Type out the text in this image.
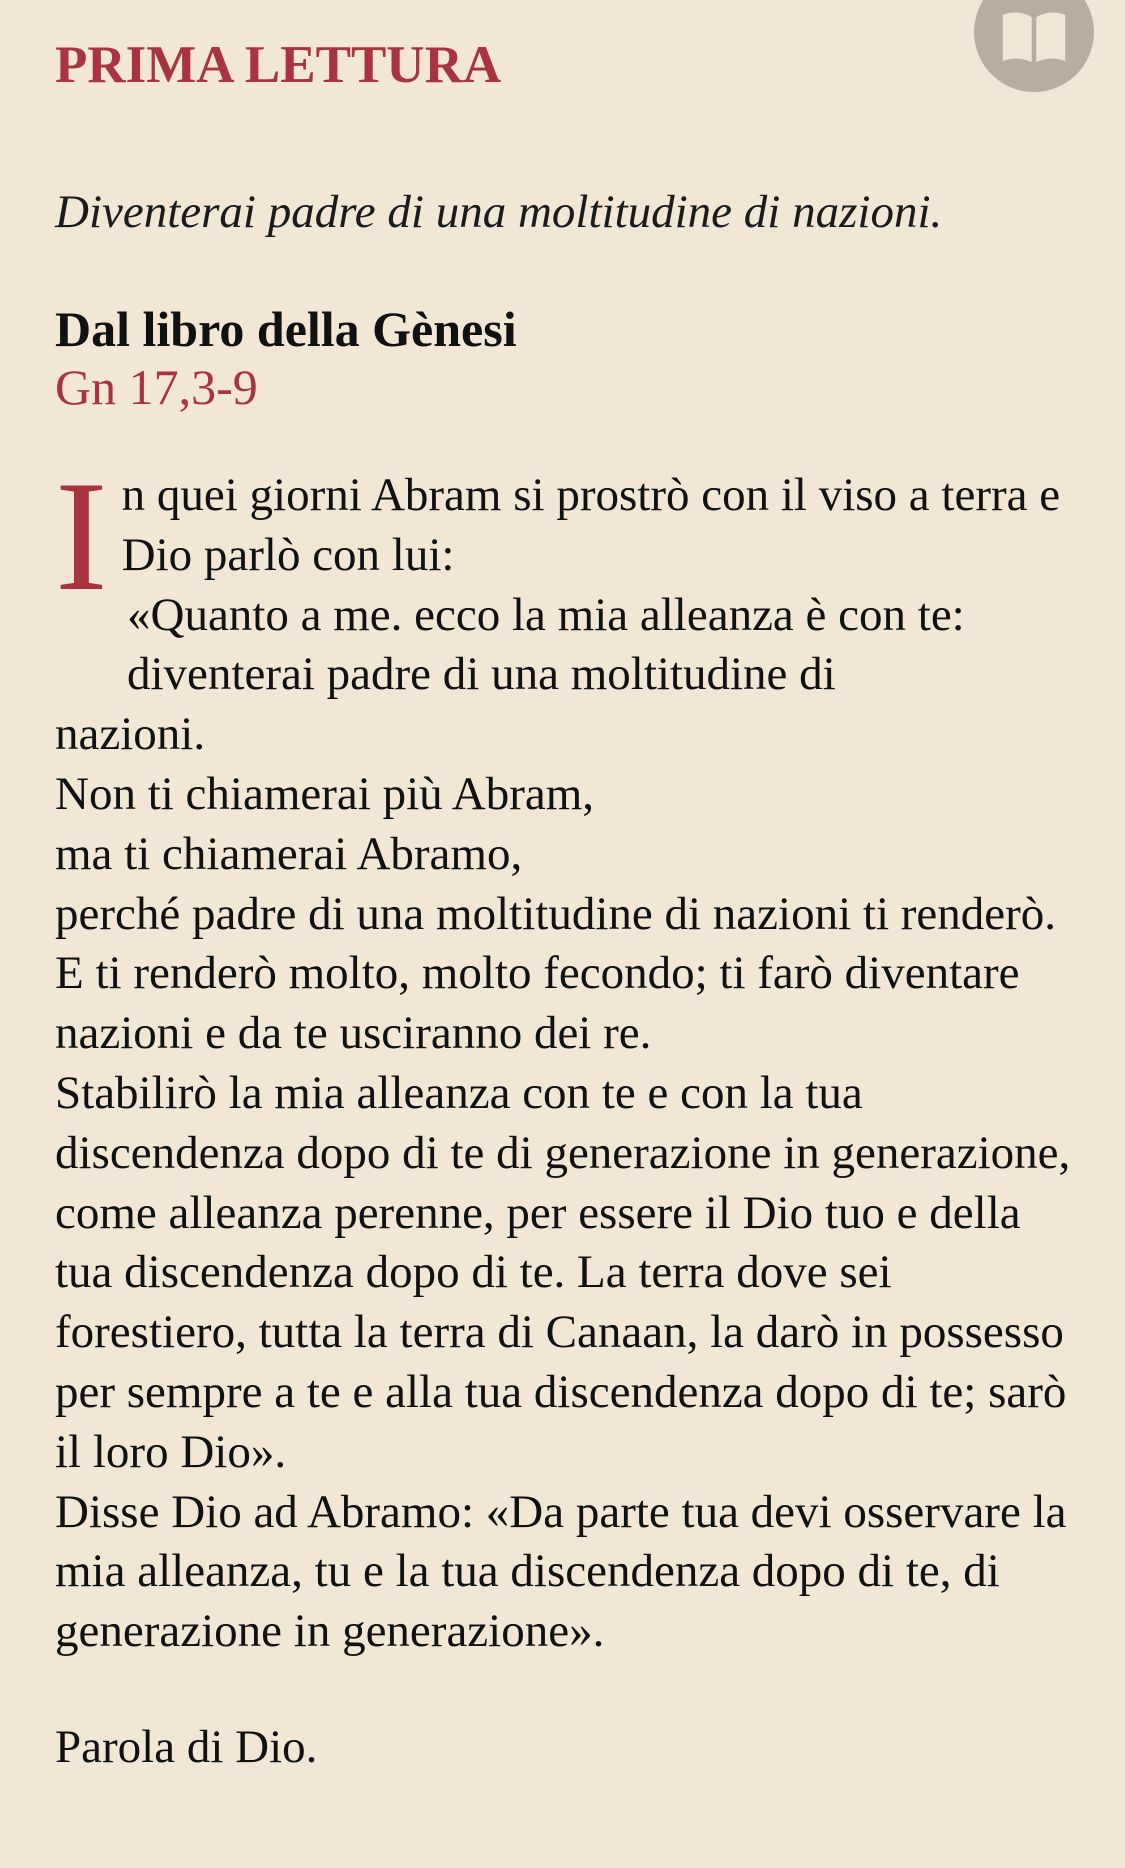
PRIMA LETTURA

Diventerai padre di una moltitudine di nazioni.

Dal libro della Gènesi

Gn 17,3-9

I n quei giorni Abram si prostrò con il viso a terra e Dio parlò con lui:

«Quanto a me. ecco la mia alleanza è con te: diventerai padre di una moltitudine di

nazioni.

Non ti chiamerai più Abram,

ma ti chiamerai Abramo,

perché padre di una moltitudine di nazioni ti renderò.

E ti renderò molto, molto fecondo; ti farò diventare nazioni e da te usciranno dei re.

Stabilirò la mia alleanza con te e con la tua discendenza dopo di te di generazione in generazione, come alleanza perenne, per essere il Dio tuo e della tua discendenza dopo di te. La terra dove sei forestiero, tutta la terra di Canaan, la darò in possesso per sempre a te e alla tua discendenza dopo di te; sarò il loro Dio».

Disse Dio ad Abramo: «Da parte tua devi osservare la mia alleanza, tu e la tua discendenza dopo di te, di generazione in generazione».

Parola di Dio.
